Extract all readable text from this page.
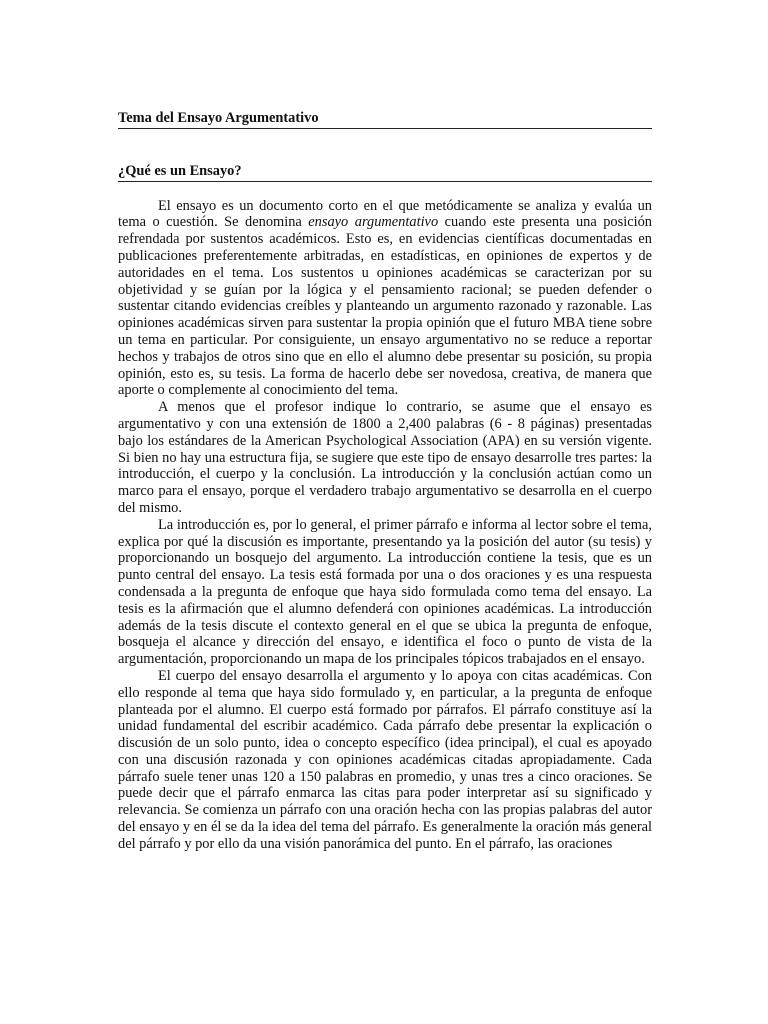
Tema del Ensayo Argumentativo
¿Qué es un Ensayo?

El ensayo es un documento corto en el que metódicamente se analiza y evalúa un tema o cuestión. Se denomina ensayo argumentativo cuando este presenta una posición refrendada por sustentos académicos. Esto es, en evidencias científicas documentadas en publicaciones preferentemente arbitradas, en estadísticas, en opiniones de expertos y de autoridades en el tema. Los sustentos u opiniones académicas se caracterizan por su objetividad y se guían por la lógica y el pensamiento racional; se pueden defender o sustentar citando evidencias creíbles y planteando un argumento razonado y razonable. Las opiniones académicas sirven para sustentar la propia opinión que el futuro MBA tiene sobre un tema en particular. Por consiguiente, un ensayo argumentativo no se reduce a reportar hechos y trabajos de otros sino que en ello el alumno debe presentar su posición, su propia opinión, esto es, su tesis. La forma de hacerlo debe ser novedosa, creativa, de manera que aporte o complemente al conocimiento del tema.

A menos que el profesor indique lo contrario, se asume que el ensayo es argumentativo y con una extensión de 1800 a 2,400 palabras (6 - 8 páginas) presentadas bajo los estándares de la American Psychological Association (APA) en su versión vigente. Si bien no hay una estructura fija, se sugiere que este tipo de ensayo desarrolle tres partes: la introducción, el cuerpo y la conclusión. La introducción y la conclusión actúan como un marco para el ensayo, porque el verdadero trabajo argumentativo se desarrolla en el cuerpo del mismo.

La introducción es, por lo general, el primer párrafo e informa al lector sobre el tema, explica por qué la discusión es importante, presentando ya la posición del autor (su tesis) y proporcionando un bosquejo del argumento. La introducción contiene la tesis, que es un punto central del ensayo. La tesis está formada por una o dos oraciones y es una respuesta condensada a la pregunta de enfoque que haya sido formulada como tema del ensayo. La tesis es la afirmación que el alumno defenderá con opiniones académicas. La introducción además de la tesis discute el contexto general en el que se ubica la pregunta de enfoque, bosqueja el alcance y dirección del ensayo, e identifica el foco o punto de vista de la argumentación, proporcionando un mapa de los principales tópicos trabajados en el ensayo.

El cuerpo del ensayo desarrolla el argumento y lo apoya con citas académicas. Con ello responde al tema que haya sido formulado y, en particular, a la pregunta de enfoque planteada por el alumno. El cuerpo está formado por párrafos. El párrafo constituye así la unidad fundamental del escribir académico. Cada párrafo debe presentar la explicación o discusión de un solo punto, idea o concepto específico (idea principal), el cual es apoyado con una discusión razonada y con opiniones académicas citadas apropiadamente. Cada párrafo suele tener unas 120 a 150 palabras en promedio, y unas tres a cinco oraciones. Se puede decir que el párrafo enmarca las citas para poder interpretar así su significado y relevancia. Se comienza un párrafo con una oración hecha con las propias palabras del autor del ensayo y en él se da la idea del tema del párrafo. Es generalmente la oración más general del párrafo y por ello da una visión panorámica del punto. En el párrafo, las oraciones
